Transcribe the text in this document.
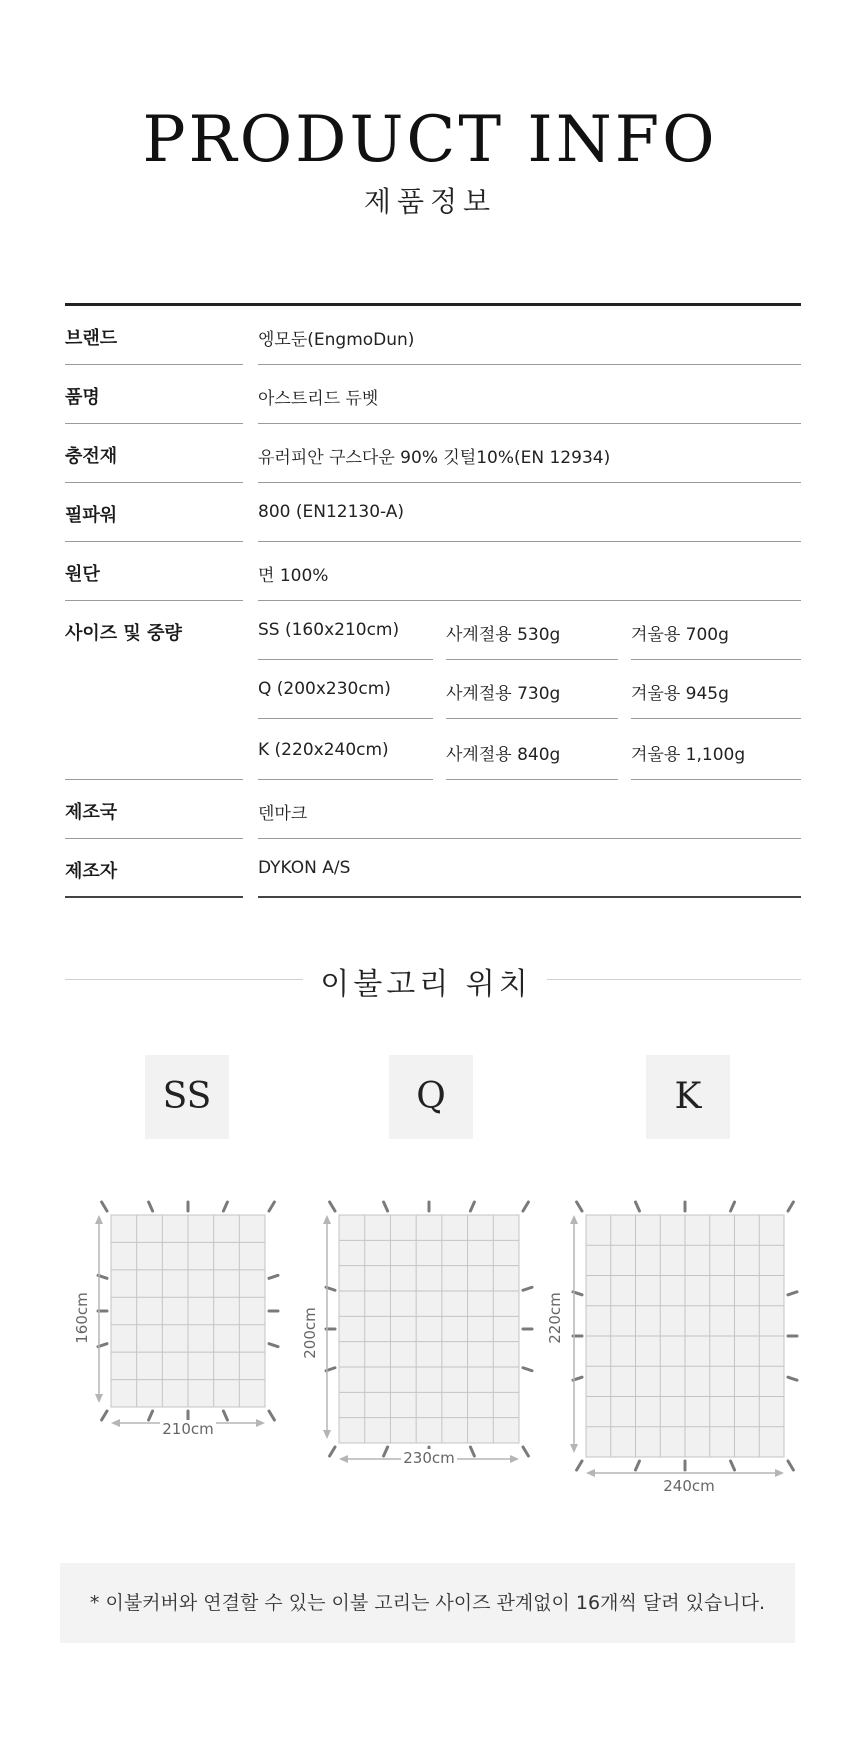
PRODUCT INFO
제품정보
브랜드	엥모둔(EngmoDun)
품명	아스트리드 듀벳
충전재	유러피안 구스다운 90% 깃털10%(EN 12934)
필파워	800 (EN12130-A)
원단	면 100%
사이즈 및 중량	SS (160x210cm)	사계절용 530g	겨울용 700g
Q (200x230cm)	사계절용 730g	겨울용 945g
K (220x240cm)	사계절용 840g	겨울용 1,100g
제조국	덴마크
제조자	DYKON A/S
이불고리 위치
SS	Q	K
160cm
210cm
200cm
230cm
220cm
240cm
* 이불커버와 연결할 수 있는 이불 고리는 사이즈 관계없이 16개씩 달려 있습니다.
